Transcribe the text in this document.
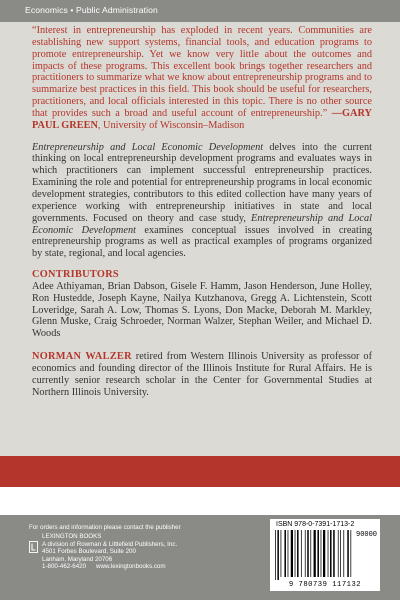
Economics • Public Administration

“Interest in entrepreneurship has exploded in recent years. Communities are establishing new support systems, financial tools, and education programs to promote entrepreneurship. Yet we know very little about the outcomes and impacts of these programs. This excellent book brings together researchers and practitioners to summarize what we know about entrepreneurship programs and to summarize best practices in this field. This book should be useful for researchers, practitioners, and local officials interested in this topic. There is no other source that provides such a broad and useful account of entrepreneurship.” —GARY PAUL GREEN, University of Wisconsin–Madison

Entrepreneurship and Local Economic Development delves into the current thinking on local entrepreneurship development programs and evaluates ways in which practitioners can implement successful entrepreneurship practices. Examining the role and potential for entrepreneurship programs in local economic development strategies, contributors to this edited collection have many years of experience working with entrepreneurship initiatives in state and local governments. Focused on theory and case study, Entrepreneurship and Local Economic Development examines conceptual issues involved in creating entrepreneurship programs as well as practical examples of programs organized by state, regional, and local agencies.

CONTRIBUTORS

Adee Athiyaman, Brian Dabson, Gisele F. Hamm, Jason Henderson, June Holley, Ron Hustedde, Joseph Kayne, Nailya Kutzhanova, Gregg A. Lichtenstein, Scott Loveridge, Sarah A. Low, Thomas S. Lyons, Don Macke, Deborah M. Markley, Glenn Muske, Craig Schroeder, Norman Walzer, Stephan Weiler, and Michael D. Woods

NORMAN WALZER retired from Western Illinois University as professor of economics and founding director of the Illinois Institute for Rural Affairs. He is currently senior research scholar in the Center for Governmental Studies at Northern Illinois University.

For orders and information please contact the publisher
LEXINGTON BOOKS
A division of Rowman & Littlefield Publishers, Inc.
4501 Forbes Boulevard, Suite 200
Lanham, Maryland 20706
1-800-462-6420 www.lexingtonbooks.com
ISBN 978-0-7391-1713-2
90000
9 780739 117132
